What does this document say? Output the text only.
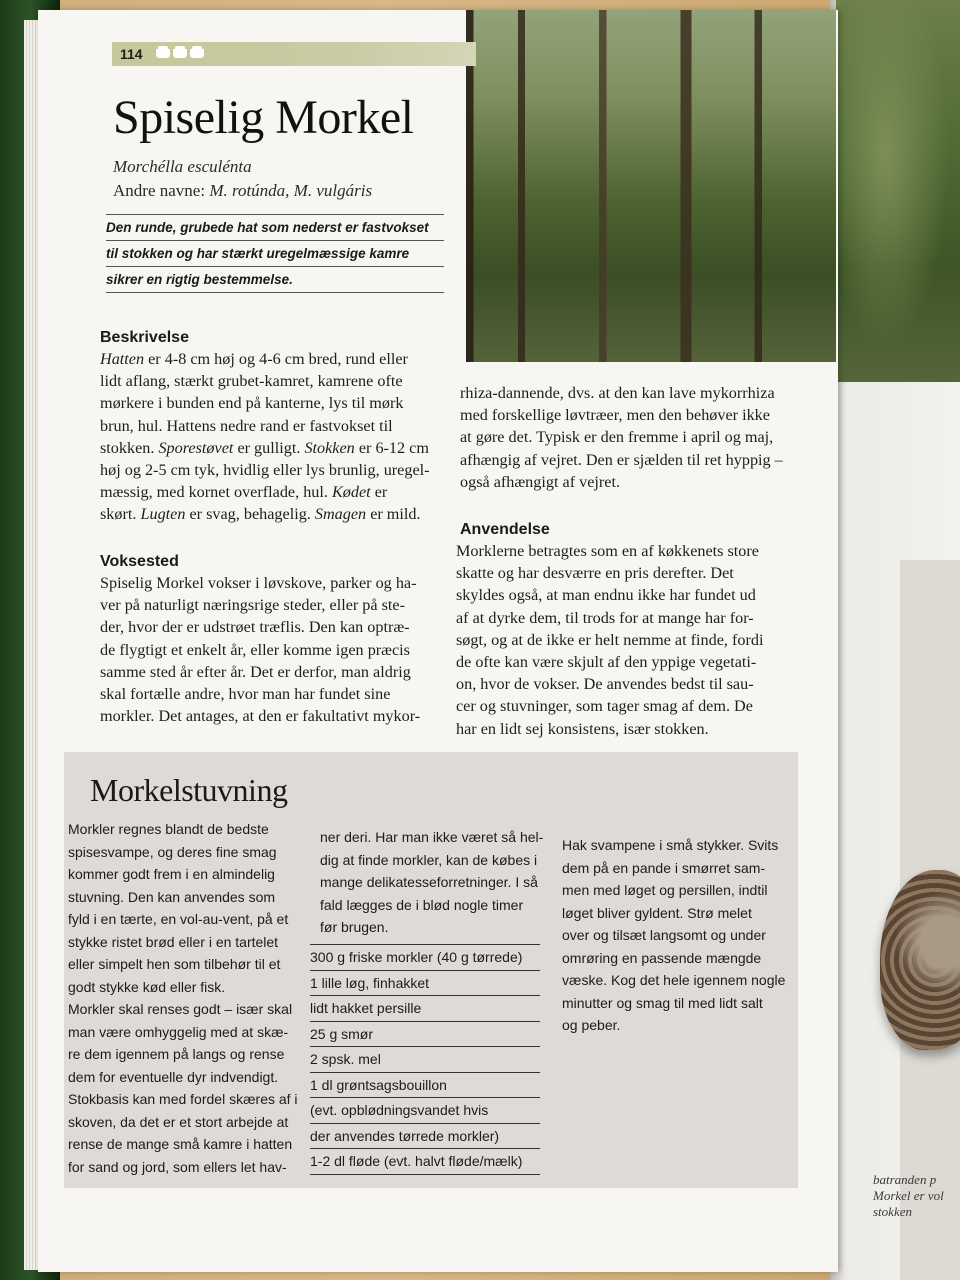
batranden p
Morkel er vol
stokken
114
Spiselig Morkel
Morchélla esculénta
Andre navne: M. rotúnda, M. vulgáris
Den runde, grubede hat som nederst er fastvokset
til stokken og har stærkt uregelmæssige kamre
sikrer en rigtig bestemmelse.
Beskrivelse
Hatten er 4-8 cm høj og 4-6 cm bred, rund eller
lidt aflang, stærkt grubet-kamret, kamrene ofte
mørkere i bunden end på kanterne, lys til mørk
brun, hul. Hattens nedre rand er fastvokset til
stokken. Sporestøvet er gulligt. Stokken er 6-12 cm
høj og 2-5 cm tyk, hvidlig eller lys brunlig, uregel-
mæssig, med kornet overflade, hul. Kødet er
skørt. Lugten er svag, behagelig. Smagen er mild.
Voksested
Spiselig Morkel vokser i løvskove, parker og ha-
ver på naturligt næringsrige steder, eller på ste-
der, hvor der er udstrøet træflis. Den kan optræ-
de flygtigt et enkelt år, eller komme igen præcis
samme sted år efter år. Det er derfor, man aldrig
skal fortælle andre, hvor man har fundet sine
morkler. Det antages, at den er fakultativt mykor-
rhiza-dannende, dvs. at den kan lave mykorrhiza
med forskellige løvtræer, men den behøver ikke
at gøre det. Typisk er den fremme i april og maj,
afhængig af vejret. Den er sjælden til ret hyppig –
også afhængigt af vejret.
Anvendelse
Morklerne betragtes som en af køkkenets store
skatte og har desværre en pris derefter. Det
skyldes også, at man endnu ikke har fundet ud
af at dyrke dem, til trods for at mange har for-
søgt, og at de ikke er helt nemme at finde, fordi
de ofte kan være skjult af den yppige vegetati-
on, hvor de vokser. De anvendes bedst til sau-
cer og stuvninger, som tager smag af dem. De
har en lidt sej konsistens, især stokken.
Morkelstuvning
Morkler regnes blandt de bedste
spisesvampe, og deres fine smag
kommer godt frem i en almindelig
stuvning. Den kan anvendes som
fyld i en tærte, en vol-au-vent, på et
stykke ristet brød eller i en tartelet
eller simpelt hen som tilbehør til et
godt stykke kød eller fisk.
Morkler skal renses godt – især skal
man være omhyggelig med at skæ-
re dem igennem på langs og rense
dem for eventuelle dyr indvendigt.
Stokbasis kan med fordel skæres af i
skoven, da det er et stort arbejde at
rense de mange små kamre i hatten
for sand og jord, som ellers let hav-
ner deri. Har man ikke været så hel-
dig at finde morkler, kan de købes i
mange delikatesseforretninger. I så
fald lægges de i blød nogle timer
før brugen.
300 g friske morkler (40 g tørrede)
1 lille løg, finhakket
lidt hakket persille
25 g smør
2 spsk. mel
1 dl grøntsagsbouillon
(evt. opblødningsvandet hvis
der anvendes tørrede morkler)
1-2 dl fløde (evt. halvt fløde/mælk)
Hak svampene i små stykker. Svits
dem på en pande i smørret sam-
men med løget og persillen, indtil
løget bliver gyldent. Strø melet
over og tilsæt langsomt og under
omrøring en passende mængde
væske. Kog det hele igennem nogle
minutter og smag til med lidt salt
og peber.
